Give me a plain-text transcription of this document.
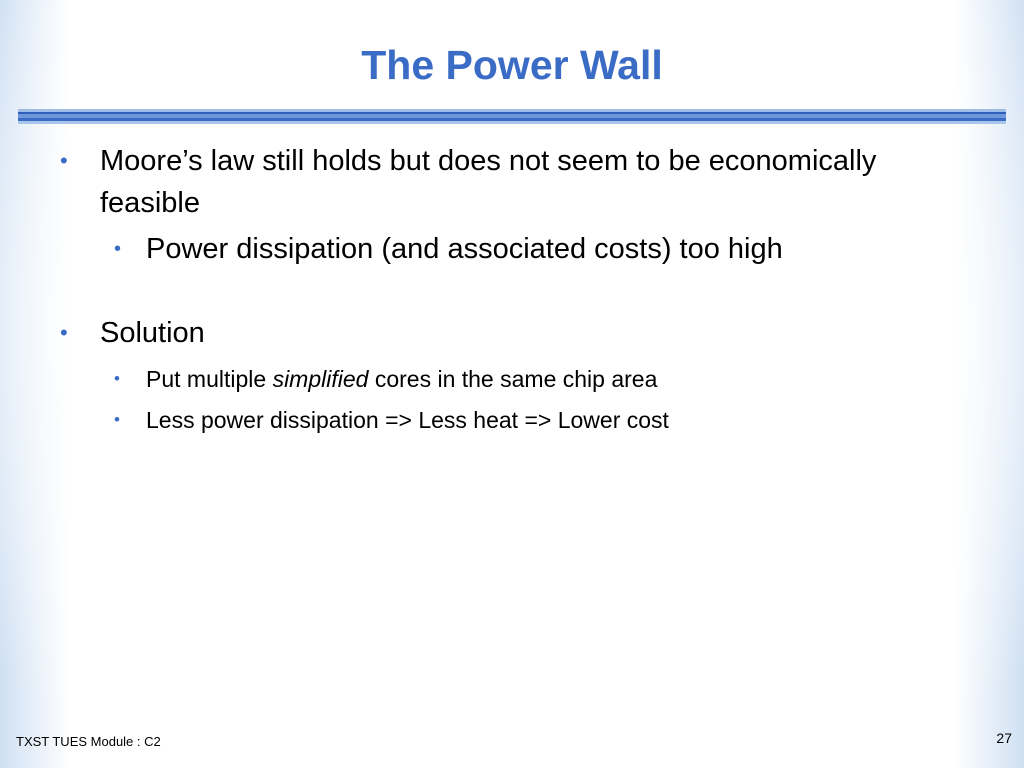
The Power Wall
• Moore’s law still holds but does not seem to be economically feasible
• Power dissipation (and associated costs) too high
• Solution
• Put multiple simplified cores in the same chip area
• Less power dissipation => Less heat => Lower cost
TXST TUES Module : C2	27
